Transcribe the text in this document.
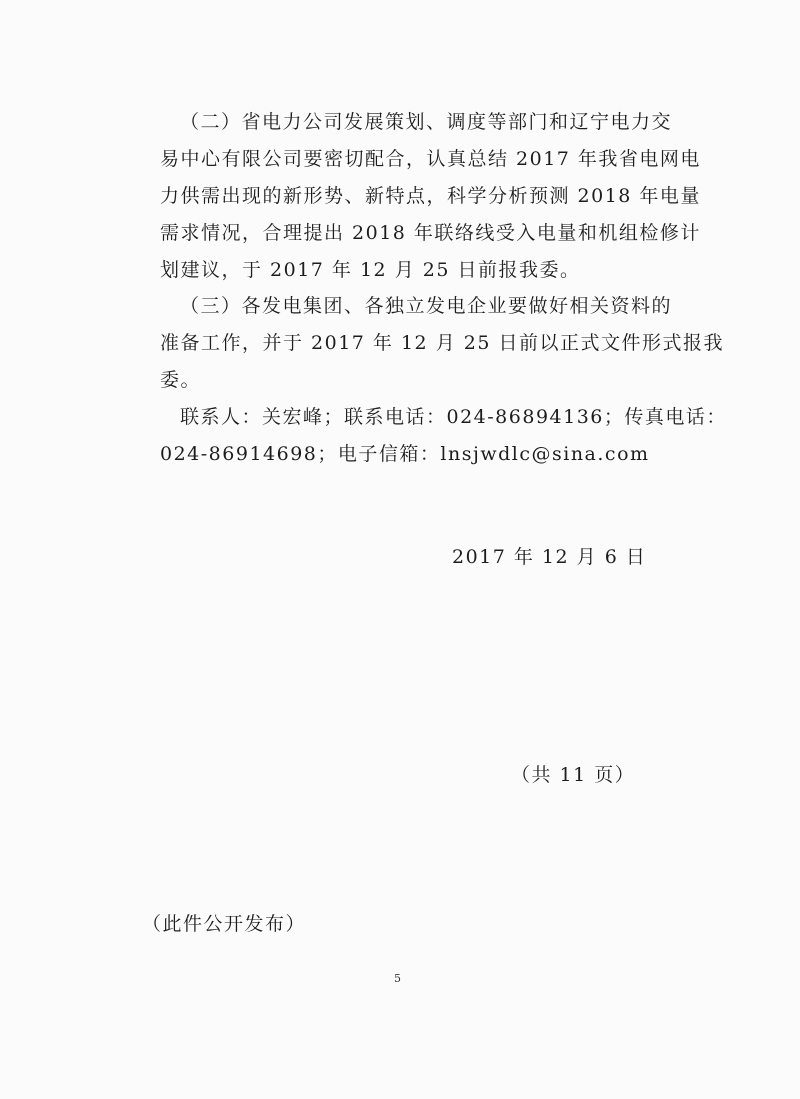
（二）省电力公司发展策划、调度等部门和辽宁电力交
易中心有限公司要密切配合，认真总结 2017 年我省电网电
力供需出现的新形势、新特点，科学分析预测 2018 年电量
需求情况，合理提出 2018 年联络线受入电量和机组检修计
划建议，于 2017 年 12 月 25 日前报我委。
（三）各发电集团、各独立发电企业要做好相关资料的
准备工作，并于 2017 年 12 月 25 日前以正式文件形式报我
委。
联系人：关宏峰；联系电话：024-86894136；传真电话：
024-86914698；电子信箱：lnsjwdlc@sina.com
2017 年 12 月 6 日
（共 11 页）
（此件公开发布）
5
